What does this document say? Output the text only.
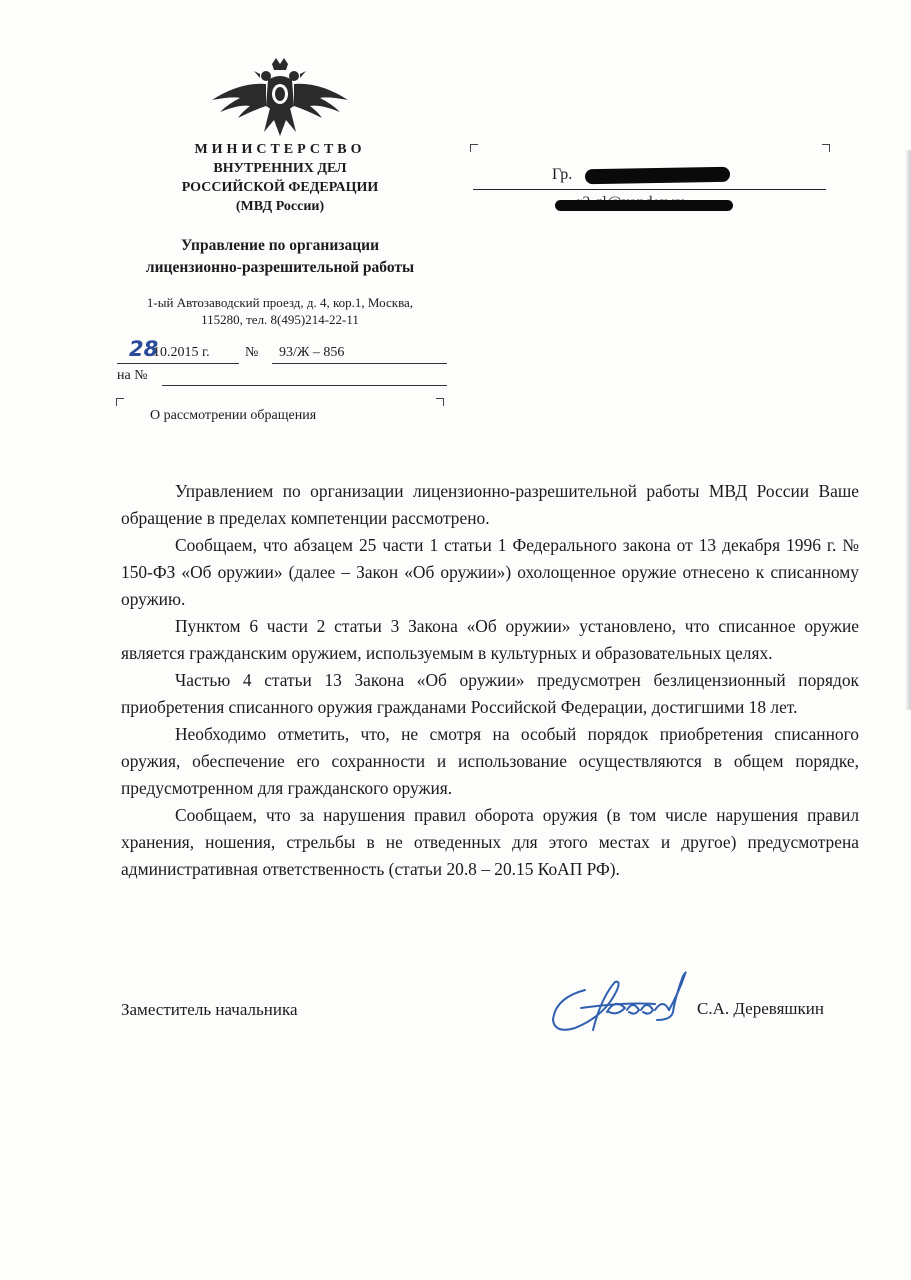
МИНИСТЕРСТВО
ВНУТРЕННИХ ДЕЛ
РОССИЙСКОЙ ФЕДЕРАЦИИ
(МВД России)
Управление по организации
лицензионно-разрешительной работы
1-ый Автозаводский проезд, д. 4, кор.1, Москва,
115280, тел. 8(495)214-22-11
28
10.2015 г.	№ 93/Ж – 856
на №
О рассмотрении обращения
Гр.

Управлением по организации лицензионно-разрешительной работы МВД России Ваше обращение в пределах компетенции рассмотрено.

Сообщаем, что абзацем 25 части 1 статьи 1 Федерального закона от 13 декабря 1996 г. № 150-ФЗ «Об оружии» (далее – Закон «Об оружии») охолощенное оружие отнесено к списанному оружию.

Пунктом 6 части 2 статьи 3 Закона «Об оружии» установлено, что списанное оружие является гражданским оружием, используемым в культурных и образовательных целях.

Частью 4 статьи 13 Закона «Об оружии» предусмотрен безлицензионный порядок приобретения списанного оружия гражданами Российской Федерации, достигшими 18 лет.

Необходимо отметить, что, не смотря на особый порядок приобретения списанного оружия, обеспечение его сохранности и использование осуществляются в общем порядке, предусмотренном для гражданского оружия.

Сообщаем, что за нарушения правил оборота оружия (в том числе нарушения правил хранения, ношения, стрельбы в не отведенных для этого местах и другое) предусмотрена административная ответственность (статьи 20.8 – 20.15 КоАП РФ).

Заместитель начальника	С.А. Деревяшкин
